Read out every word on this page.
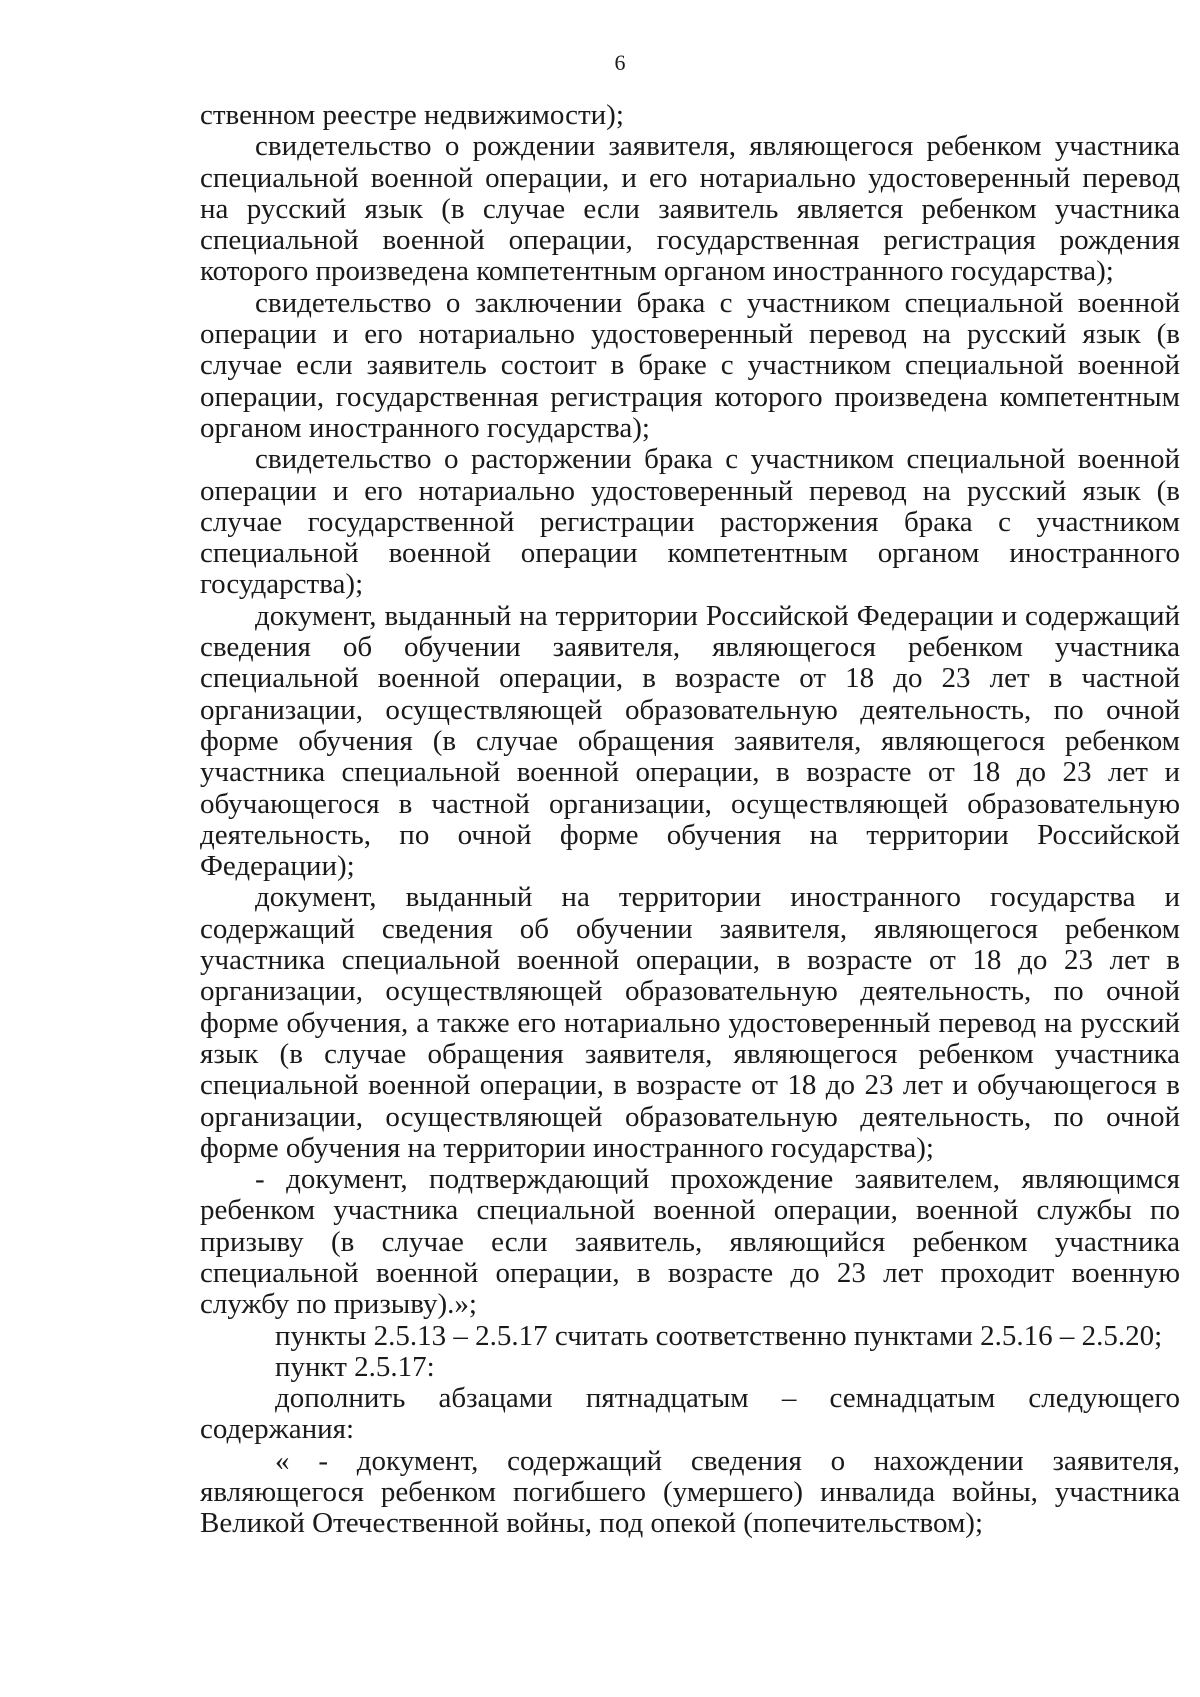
6

ственном реестре недвижимости);

свидетельство о рождении заявителя, являющегося ребенком участника специальной военной операции, и его нотариально удостоверенный перевод на русский язык (в случае если заявитель является ребенком участника специальной военной операции, государственная регистрация рождения которого произведена компетентным органом иностранного государства);

свидетельство о заключении брака с участником специальной военной операции и его нотариально удостоверенный перевод на русский язык (в случае если заявитель состоит в браке с участником специальной военной операции, государственная регистрация которого произведена компетентным органом иностранного государства);

свидетельство о расторжении брака с участником специальной военной операции и его нотариально удостоверенный перевод на русский язык (в случае государственной регистрации расторжения брака с участником специальной военной операции компетентным органом иностранного государства);

документ, выданный на территории Российской Федерации и содержащий сведения об обучении заявителя, являющегося ребенком участника специальной военной операции, в возрасте от 18 до 23 лет в частной организации, осуществляющей образовательную деятельность, по очной форме обучения (в случае обращения заявителя, являющегося ребенком участника специальной военной операции, в возрасте от 18 до 23 лет и обучающегося в частной организации, осуществляющей образовательную деятельность, по очной форме обучения на территории Российской Федерации);

документ, выданный на территории иностранного государства и содержащий сведения об обучении заявителя, являющегося ребенком участника специальной военной операции, в возрасте от 18 до 23 лет в организации, осуществляющей образовательную деятельность, по очной форме обучения, а также его нотариально удостоверенный перевод на русский язык (в случае обращения заявителя, являющегося ребенком участника специальной военной операции, в возрасте от 18 до 23 лет и обучающегося в организации, осуществляющей образовательную деятельность, по очной форме обучения на территории иностранного государства);

- документ, подтверждающий прохождение заявителем, являющимся ребенком участника специальной военной операции, военной службы по призыву (в случае если заявитель, являющийся ребенком участника специальной военной операции, в возрасте до 23 лет проходит военную службу по призыву).»;

пункты 2.5.13 – 2.5.17 считать соответственно пунктами 2.5.16 – 2.5.20;

пункт 2.5.17:

дополнить абзацами пятнадцатым – семнадцатым следующего содержания:

« - документ, содержащий сведения о нахождении заявителя, являющегося ребенком погибшего (умершего) инвалида войны, участника Великой Отечественной войны, под опекой (попечительством);
